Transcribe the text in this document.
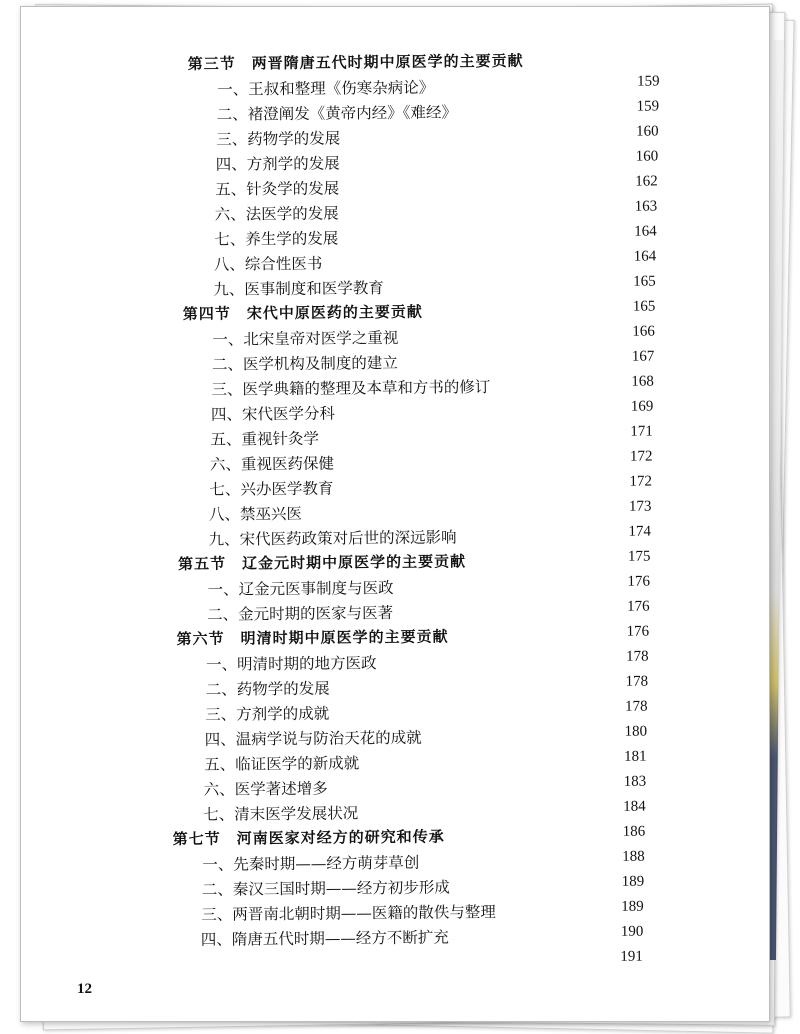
第三节　两晋隋唐五代时期中原医学的主要贡献
一、王叔和整理《伤寒杂病论》	159
二、褚澄阐发《黄帝内经》《难经》	159
三、药物学的发展	160
四、方剂学的发展	160
五、针灸学的发展	162
六、法医学的发展	163
七、养生学的发展	164
八、综合性医书	164
九、医事制度和医学教育	165
第四节　宋代中原医药的主要贡献	165
一、北宋皇帝对医学之重视	166
二、医学机构及制度的建立	167
三、医学典籍的整理及本草和方书的修订	168
四、宋代医学分科	169
五、重视针灸学	171
六、重视医药保健	172
七、兴办医学教育	172
八、禁巫兴医	173
九、宋代医药政策对后世的深远影响	174
第五节　辽金元时期中原医学的主要贡献	175
一、辽金元医事制度与医政	176
二、金元时期的医家与医著	176
第六节　明清时期中原医学的主要贡献	176
一、明清时期的地方医政	178
二、药物学的发展	178
三、方剂学的成就	178
四、温病学说与防治天花的成就	180
五、临证医学的新成就	181
六、医学著述增多	183
七、清末医学发展状况	184
第七节　河南医家对经方的研究和传承	186
一、先秦时期——经方萌芽草创	188
二、秦汉三国时期——经方初步形成	189
三、两晋南北朝时期——医籍的散佚与整理	189
四、隋唐五代时期——经方不断扩充	190
191
12
